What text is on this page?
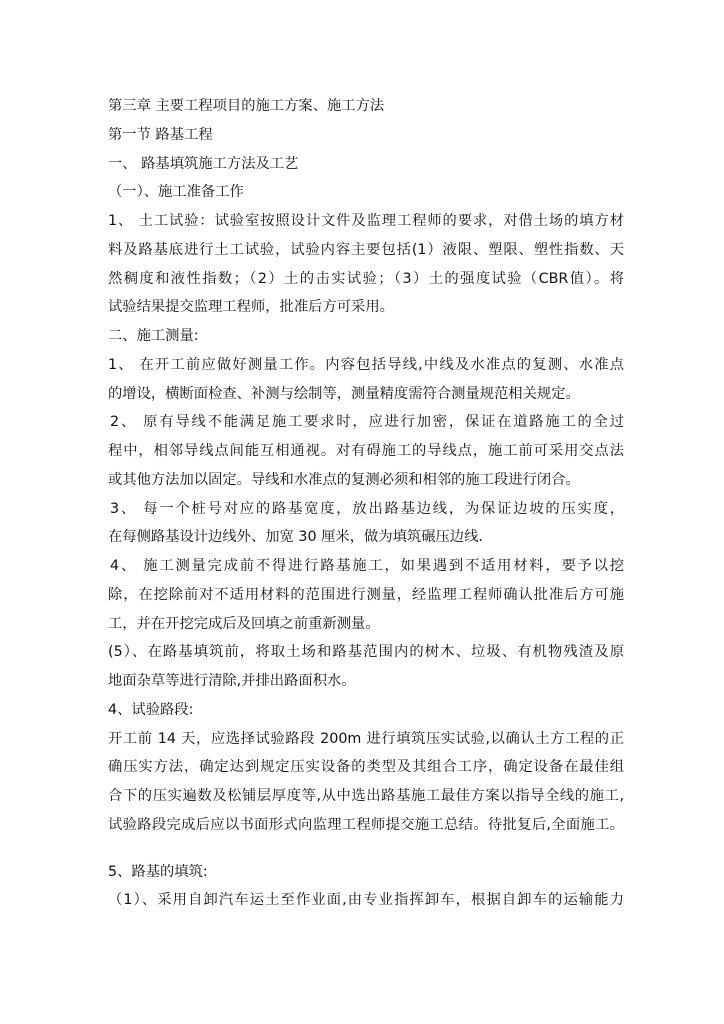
第三章 主要工程项目的施工方案、施工方法
第一节 路基工程
一、 路基填筑施工方法及工艺
（一）、施工准备工作
1、 土工试验：试验室按照设计文件及监理工程师的要求，对借土场的填方材
料及路基底进行土工试验，试验内容主要包括(1）液限、塑限、塑性指数、天
然稠度和液性指数；（2）土的击实试验；（3）土的强度试验（CBR值）。将
试验结果提交监理工程师，批准后方可采用。
二、施工测量:
1、 在开工前应做好测量工作。内容包括导线,中线及水准点的复测、水准点
的增设，横断面检查、补测与绘制等，测量精度需符合测量规范相关规定。
2、 原有导线不能满足施工要求时，应进行加密，保证在道路施工的全过
程中，相邻导线点间能互相通视。对有碍施工的导线点，施工前可采用交点法
或其他方法加以固定。导线和水准点的复测必须和相邻的施工段进行闭合。
3、 每一个桩号对应的路基宽度，放出路基边线，为保证边坡的压实度，
在每侧路基设计边线外、加宽 30 厘米，做为填筑碾压边线.
4、 施工测量完成前不得进行路基施工，如果遇到不适用材料，要予以挖
除，在挖除前对不适用材料的范围进行测量，经监理工程师确认批准后方可施
工，并在开挖完成后及回填之前重新测量。
(5）、在路基填筑前，将取土场和路基范围内的树木、垃圾、有机物残渣及原
地面杂草等进行清除,并排出路面积水。
4、试验路段:
开工前 14 天，应选择试验路段 200m 进行填筑压实试验,以确认土方工程的正
确压实方法，确定达到规定压实设备的类型及其组合工序，确定设备在最佳组
合下的压实遍数及松铺层厚度等,从中选出路基施工最佳方案以指导全线的施工,
试验路段完成后应以书面形式向监理工程师提交施工总结。待批复后,全面施工。
5、路基的填筑:
（1）、采用自卸汽车运土至作业面,由专业指挥卸车，根据自卸车的运输能力
